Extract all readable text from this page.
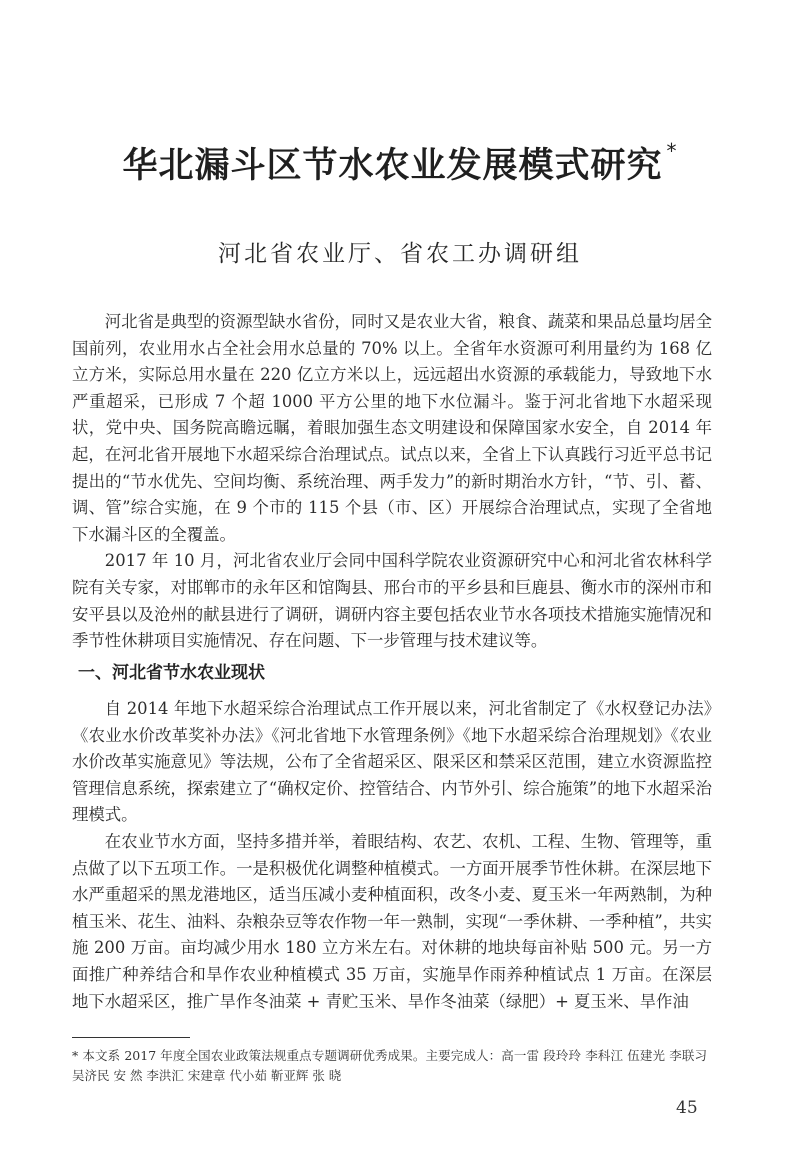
华北漏斗区节水农业发展模式研究 *
河北省农业厅、省农工办调研组

河北省是典型的资源型缺水省份，同时又是农业大省，粮食、蔬菜和果品总量均居全国前列，农业用水占全社会用水总量的 70% 以上。全省年水资源可利用量约为 168 亿立方米，实际总用水量在 220 亿立方米以上，远远超出水资源的承载能力，导致地下水严重超采，已形成 7 个超 1000 平方公里的地下水位漏斗。鉴于河北省地下水超采现状，党中央、国务院高瞻远瞩，着眼加强生态文明建设和保障国家水安全，自 2014 年起，在河北省开展地下水超采综合治理试点。试点以来，全省上下认真践行习近平总书记提出的“节水优先、空间均衡、系统治理、两手发力”的新时期治水方针，“节、引、蓄、调、管”综合实施，在 9 个市的 115 个县（市、区）开展综合治理试点，实现了全省地下水漏斗区的全覆盖。

2017 年 10 月，河北省农业厅会同中国科学院农业资源研究中心和河北省农林科学院有关专家，对邯郸市的永年区和馆陶县、邢台市的平乡县和巨鹿县、衡水市的深州市和安平县以及沧州的献县进行了调研，调研内容主要包括农业节水各项技术措施实施情况和季节性休耕项目实施情况、存在问题、下一步管理与技术建议等。

一、河北省节水农业现状

自 2014 年地下水超采综合治理试点工作开展以来，河北省制定了《水权登记办法》《农业水价改革奖补办法》《河北省地下水管理条例》《地下水超采综合治理规划》《农业水价改革实施意见》等法规，公布了全省超采区、限采区和禁采区范围，建立水资源监控管理信息系统，探索建立了“确权定价、控管结合、内节外引、综合施策”的地下水超采治理模式。

在农业节水方面，坚持多措并举，着眼结构、农艺、农机、工程、生物、管理等，重点做了以下五项工作。一是积极优化调整种植模式。一方面开展季节性休耕。在深层地下水严重超采的黑龙港地区，适当压减小麦种植面积，改冬小麦、夏玉米一年两熟制，为种植玉米、花生、油料、杂粮杂豆等农作物一年一熟制，实现“一季休耕、一季种植”，共实施 200 万亩。亩均减少用水 180 立方米左右。对休耕的地块每亩补贴 500 元。另一方面推广种养结合和旱作农业种植模式 35 万亩，实施旱作雨养种植试点 1 万亩。在深层地下水超采区，推广旱作冬油菜 + 青贮玉米、旱作冬油菜（绿肥）+ 夏玉米、旱作油

* 本文系 2017 年度全国农业政策法规重点专题调研优秀成果。主要完成人：高一雷 段玲玲 李科江 伍建光 李联习 吴济民 安 然 李洪汇 宋建章 代小茹 靳亚辉 张 晓
45
